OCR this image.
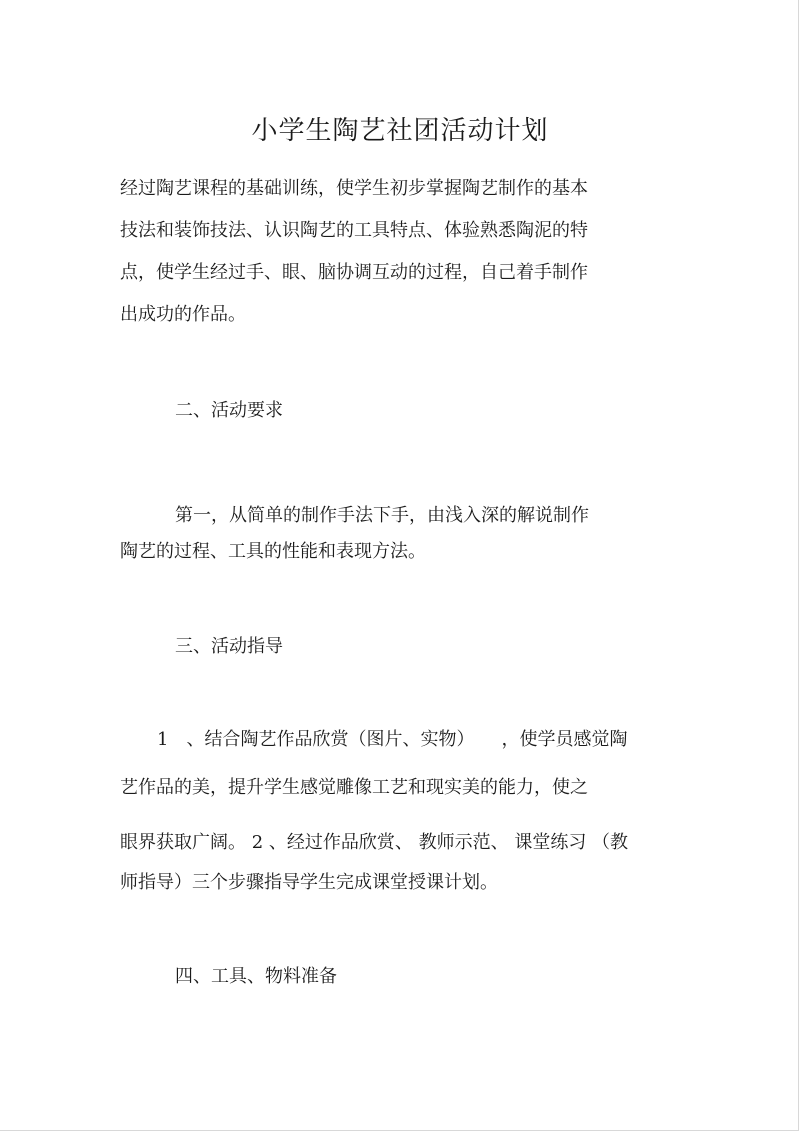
小学生陶艺社团活动计划

经过陶艺课程的基础训练，使学生初步掌握陶艺制作的基本

技法和装饰技法、认识陶艺的工具特点、体验熟悉陶泥的特

点，使学生经过手、眼、脑协调互动的过程，自己着手制作

出成功的作品。

二、活动要求

第一，从简单的制作手法下手，由浅入深的解说制作

陶艺的过程、工具的性能和表现方法。

三、活动指导

1　、结合陶艺作品欣赏（图片、实物）　　，使学员感觉陶

艺作品的美，提升学生感觉雕像工艺和现实美的能力，使之

眼界获取广阔。 2 、经过作品欣赏、 教师示范、 课堂练习 （教

师指导）三个步骤指导学生完成课堂授课计划。

四、工具、物料准备
